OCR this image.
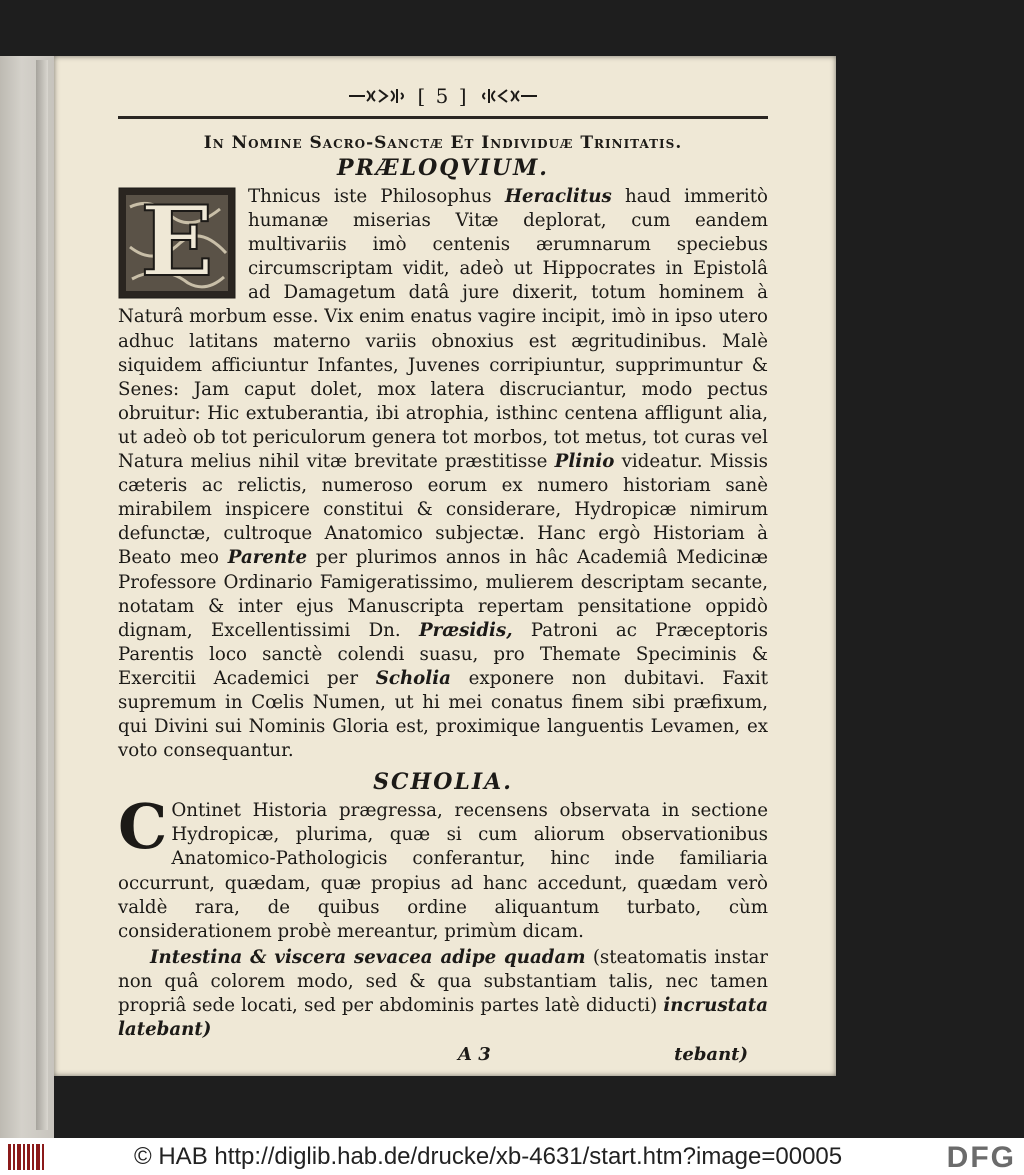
[ 5 ]
In Nomine Sacro-Sanctæ Et Individuæ Trinitatis.
PRÆLOQVIUM.
E	Thnicus iste Philosophus Heraclitus haud immeritò humanæ miserias Vitæ deplorat, cum eandem multivariis imò centenis ærumnarum speciebus circumscriptam vidit, adeò ut Hippocrates in Epistolâ ad Damagetum datâ jure dixerit, totum hominem à Naturâ morbum esse. Vix enim enatus vagire incipit, imò in ipso utero adhuc latitans materno variis obnoxius est ægritudinibus. Malè siquidem afficiuntur Infantes, Juvenes corripiuntur, supprimuntur & Senes: Jam caput dolet, mox latera discruciantur, modo pectus obruitur: Hic extuberantia, ibi atrophia, isthinc centena affligunt alia, ut adeò ob tot periculorum genera tot morbos, tot metus, tot curas vel Natura melius nihil vitæ brevitate præstitisse Plinio videatur. Missis cæteris ac relictis, numeroso eorum ex numero historiam sanè mirabilem inspicere constitui & considerare, Hydropicæ nimirum defunctæ, cultroque Anatomico subjectæ. Hanc ergò Historiam à Beato meo Parente per plurimos annos in hâc Academiâ Medicinæ Professore Ordinario Famigeratissimo, mulierem descriptam secante, notatam & inter ejus Manuscripta repertam pensitatione oppidò dignam, Excellentissimi Dn. Præsidis, Patroni ac Præceptoris Parentis loco sanctè colendi suasu, pro Themate Speciminis & Exercitii Academici per Scholia exponere non dubitavi. Faxit supremum in Cœlis Numen, ut hi mei conatus finem sibi præfixum, qui Divini sui Nominis Gloria est, proximique languentis Levamen, ex voto consequantur.

SCHOLIA.
C Ontinet Historia prægressa, recensens observata in sectione Hydropicæ, plurima, quæ si cum aliorum observationibus Anatomico-Pathologicis conferantur, hinc inde familiaria occurrunt, quædam, quæ propius ad hanc accedunt, quædam verò valdè rara, de quibus ordine aliquantum turbato, cùm considerationem probè mereantur, primùm dicam.
Intestina & viscera sevacea adipe quadam (steatomatis instar non quâ colorem modo, sed & qua substantiam talis, nec tamen propriâ sede locati, sed per abdominis partes latè diducti) incrustata latebant)
A 3	tebant)
© HAB http://diglib.hab.de/drucke/xb-4631/start.htm?image=00005	DFG
